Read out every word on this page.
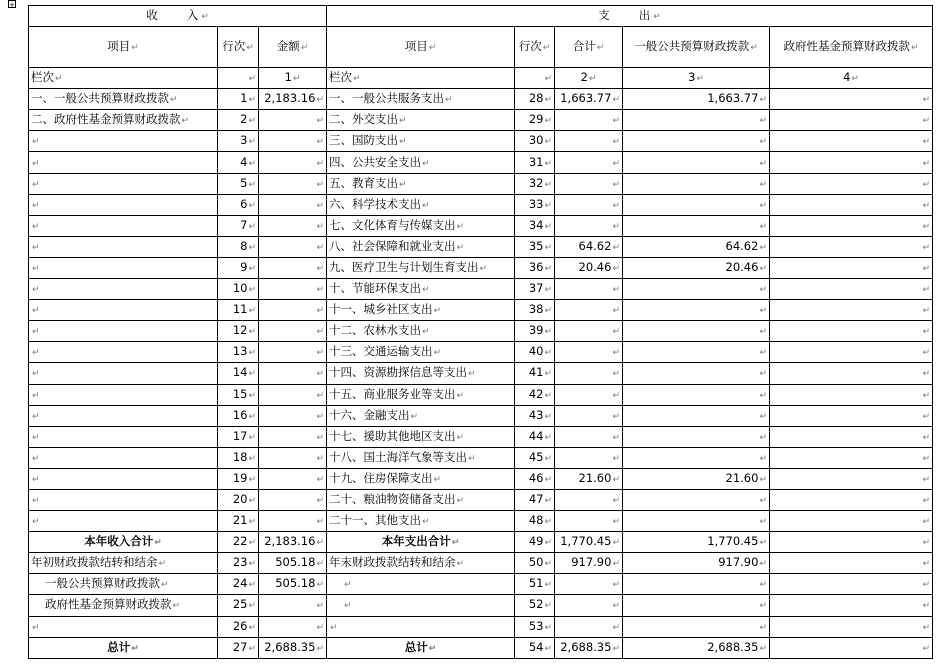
+
收　　入↵			支　　出↵				
项目↵	行次↵	金额↵	项目↵	行次↵	合计↵	一般公共预算财政拨款↵	政府性基金预算财政拨款↵
栏次↵	↵	1↵	栏次↵	↵	2↵	3↵	4↵
一、一般公共预算财政拨款↵	1↵	2,183.16↵	一、一般公共服务支出↵	28↵	1,663.77↵	1,663.77↵	↵
二、政府性基金预算财政拨款↵	2↵	↵	二、外交支出↵	29↵	↵	↵	↵
↵	3↵	↵	三、国防支出↵	30↵	↵	↵	↵
↵	4↵	↵	四、公共安全支出↵	31↵	↵	↵	↵
↵	5↵	↵	五、教育支出↵	32↵	↵	↵	↵
↵	6↵	↵	六、科学技术支出↵	33↵	↵	↵	↵
↵	7↵	↵	七、文化体育与传媒支出↵	34↵	↵	↵	↵
↵	8↵	↵	八、社会保障和就业支出↵	35↵	64.62↵	64.62↵	↵
↵	9↵	↵	九、医疗卫生与计划生育支出↵	36↵	20.46↵	20.46↵	↵
↵	10↵	↵	十、节能环保支出↵	37↵	↵	↵	↵
↵	11↵	↵	十一、城乡社区支出↵	38↵	↵	↵	↵
↵	12↵	↵	十二、农林水支出↵	39↵	↵	↵	↵
↵	13↵	↵	十三、交通运输支出↵	40↵	↵	↵	↵
↵	14↵	↵	十四、资源勘探信息等支出↵	41↵	↵	↵	↵
↵	15↵	↵	十五、商业服务业等支出↵	42↵	↵	↵	↵
↵	16↵	↵	十六、金融支出↵	43↵	↵	↵	↵
↵	17↵	↵	十七、援助其他地区支出↵	44↵	↵	↵	↵
↵	18↵	↵	十八、国土海洋气象等支出↵	45↵	↵	↵	↵
↵	19↵	↵	十九、住房保障支出↵	46↵	21.60↵	21.60↵	↵
↵	20↵	↵	二十、粮油物资储备支出↵	47↵	↵	↵	↵
↵	21↵	↵	二十一、其他支出↵	48↵	↵	↵	↵
本年收入合计↵	22↵	2,183.16↵	本年支出合计↵	49↵	1,770.45↵	1,770.45↵	↵
年初财政拨款结转和结余↵	23↵	505.18↵	年末财政拨款结转和结余↵	50↵	917.90↵	917.90↵	↵
一般公共预算财政拨款↵	24↵	505.18↵	↵	51↵	↵	↵	↵
政府性基金预算财政拨款↵	25↵	↵	↵	52↵	↵	↵	↵
↵	26↵	↵	↵	53↵	↵	↵	↵
总计↵	27↵	2,688.35↵	总计↵	54↵	2,688.35↵	2,688.35↵	↵
